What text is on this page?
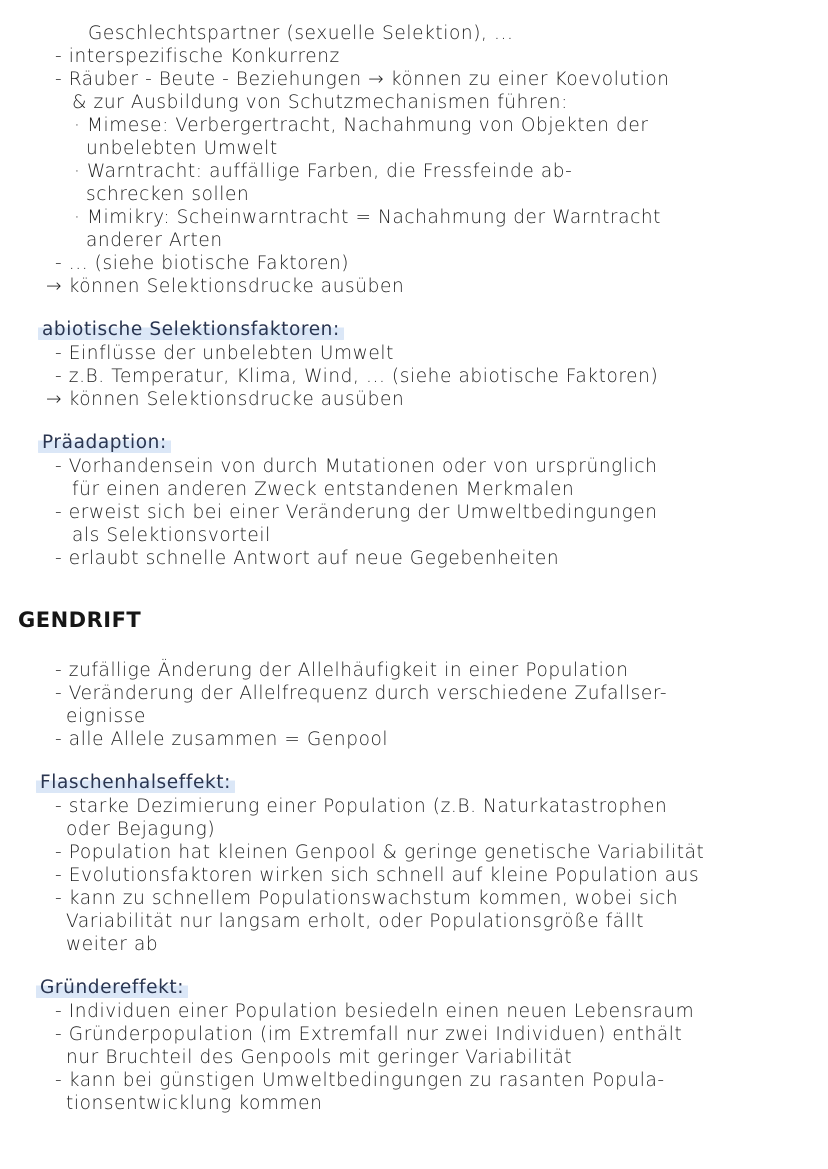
Geschlechtspartner (sexuelle Selektion), ...
- interspezifische Konkurrenz
- Räuber - Beute - Beziehungen → können zu einer Koevolution
& zur Ausbildung von Schutzmechanismen führen:
· Mimese: Verbergertracht, Nachahmung von Objekten der
unbelebten Umwelt
· Warntracht: auffällige Farben, die Fressfeinde ab-
schrecken sollen
· Mimikry: Scheinwarntracht = Nachahmung der Warntracht
anderer Arten
- ... (siehe biotische Faktoren)
→ können Selektionsdrucke ausüben
abiotische Selektionsfaktoren:
- Einflüsse der unbelebten Umwelt
- z.B. Temperatur, Klima, Wind, ... (siehe abiotische Faktoren)
→ können Selektionsdrucke ausüben
Präadaption:
- Vorhandensein von durch Mutationen oder von ursprünglich
für einen anderen Zweck entstandenen Merkmalen
- erweist sich bei einer Veränderung der Umweltbedingungen
als Selektionsvorteil
- erlaubt schnelle Antwort auf neue Gegebenheiten
GENDRIFT
- zufällige Änderung der Allelhäufigkeit in einer Population
- Veränderung der Allelfrequenz durch verschiedene Zufallser-
eignisse
- alle Allele zusammen = Genpool
Flaschenhalseffekt:
- starke Dezimierung einer Population (z.B. Naturkatastrophen
oder Bejagung)
- Population hat kleinen Genpool & geringe genetische Variabilität
- Evolutionsfaktoren wirken sich schnell auf kleine Population aus
- kann zu schnellem Populationswachstum kommen, wobei sich
Variabilität nur langsam erholt, oder Populationsgröße fällt
weiter ab
Gründereffekt:
- Individuen einer Population besiedeln einen neuen Lebensraum
- Gründerpopulation (im Extremfall nur zwei Individuen) enthält
nur Bruchteil des Genpools mit geringer Variabilität
- kann bei günstigen Umweltbedingungen zu rasanten Popula-
tionsentwicklung kommen
